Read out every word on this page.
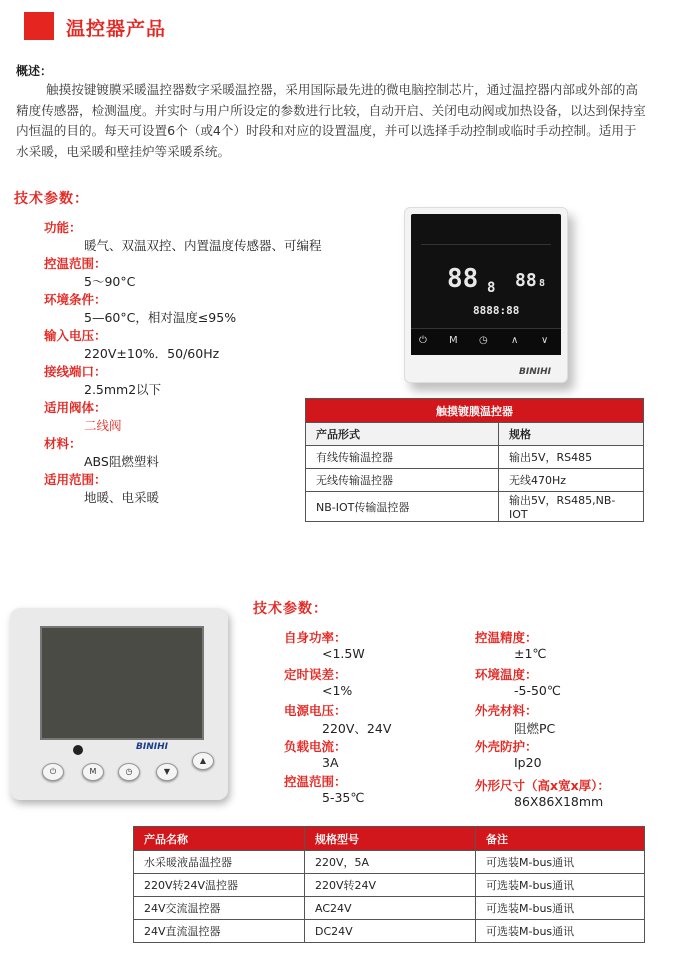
温控器产品
概述：
触摸按键镀膜采暖温控器数字采暖温控器，采用国际最先进的微电脑控制芯片，通过温控器内部或外部的高精度传感器，检测温度。并实时与用户所设定的参数进行比较，自动开启、关闭电动阀或加热设备，以达到保持室内恒温的目的。每天可设置6个（或4个）时段和对应的设置温度，并可以选择手动控制或临时手动控制。适用于水采暖，电采暖和壁挂炉等采暖系统。
技术参数：
功能：
暖气、双温双控、内置温度传感器、可编程
控温范围：
5～90°C
环境条件：
5—60°C，相对温度≤95%
输入电压：
220V±10%．50/60Hz
接线端口：
2.5mm2以下
适用阀体：
二线阀
材料：
ABS阻燃塑料
适用范围：
地暖、电采暖
88 8 88 8
8888:88
⏻ M ◷ ∧ ∨
BINIHI
触摸镀膜温控器	
产品形式	规格
有线传输温控器	输出5V，RS485
无线传输温控器	无线470Hz
NB-IOT传输温控器	输出5V，RS485,NB-IOT
BINIHI
⏻	M	◷	▼
▲
技术参数：
自身功率：
<1.5W
定时误差：
<1%
电源电压：
220V、24V
负载电流：
3A
控温范围：
5-35℃
控温精度：
±1℃
环境温度：
-5-50℃
外壳材料：
阻燃PC
外壳防护：
Ip20
外形尺寸（高x宽x厚）：
86X86X18mm
产品名称	规格型号	备注
水采暖液晶温控器	220V，5A	可选装M-bus通讯
220V转24V温控器	220V转24V	可选装M-bus通讯
24V交流温控器	AC24V	可选装M-bus通讯
24V直流温控器	DC24V	可选装M-bus通讯
